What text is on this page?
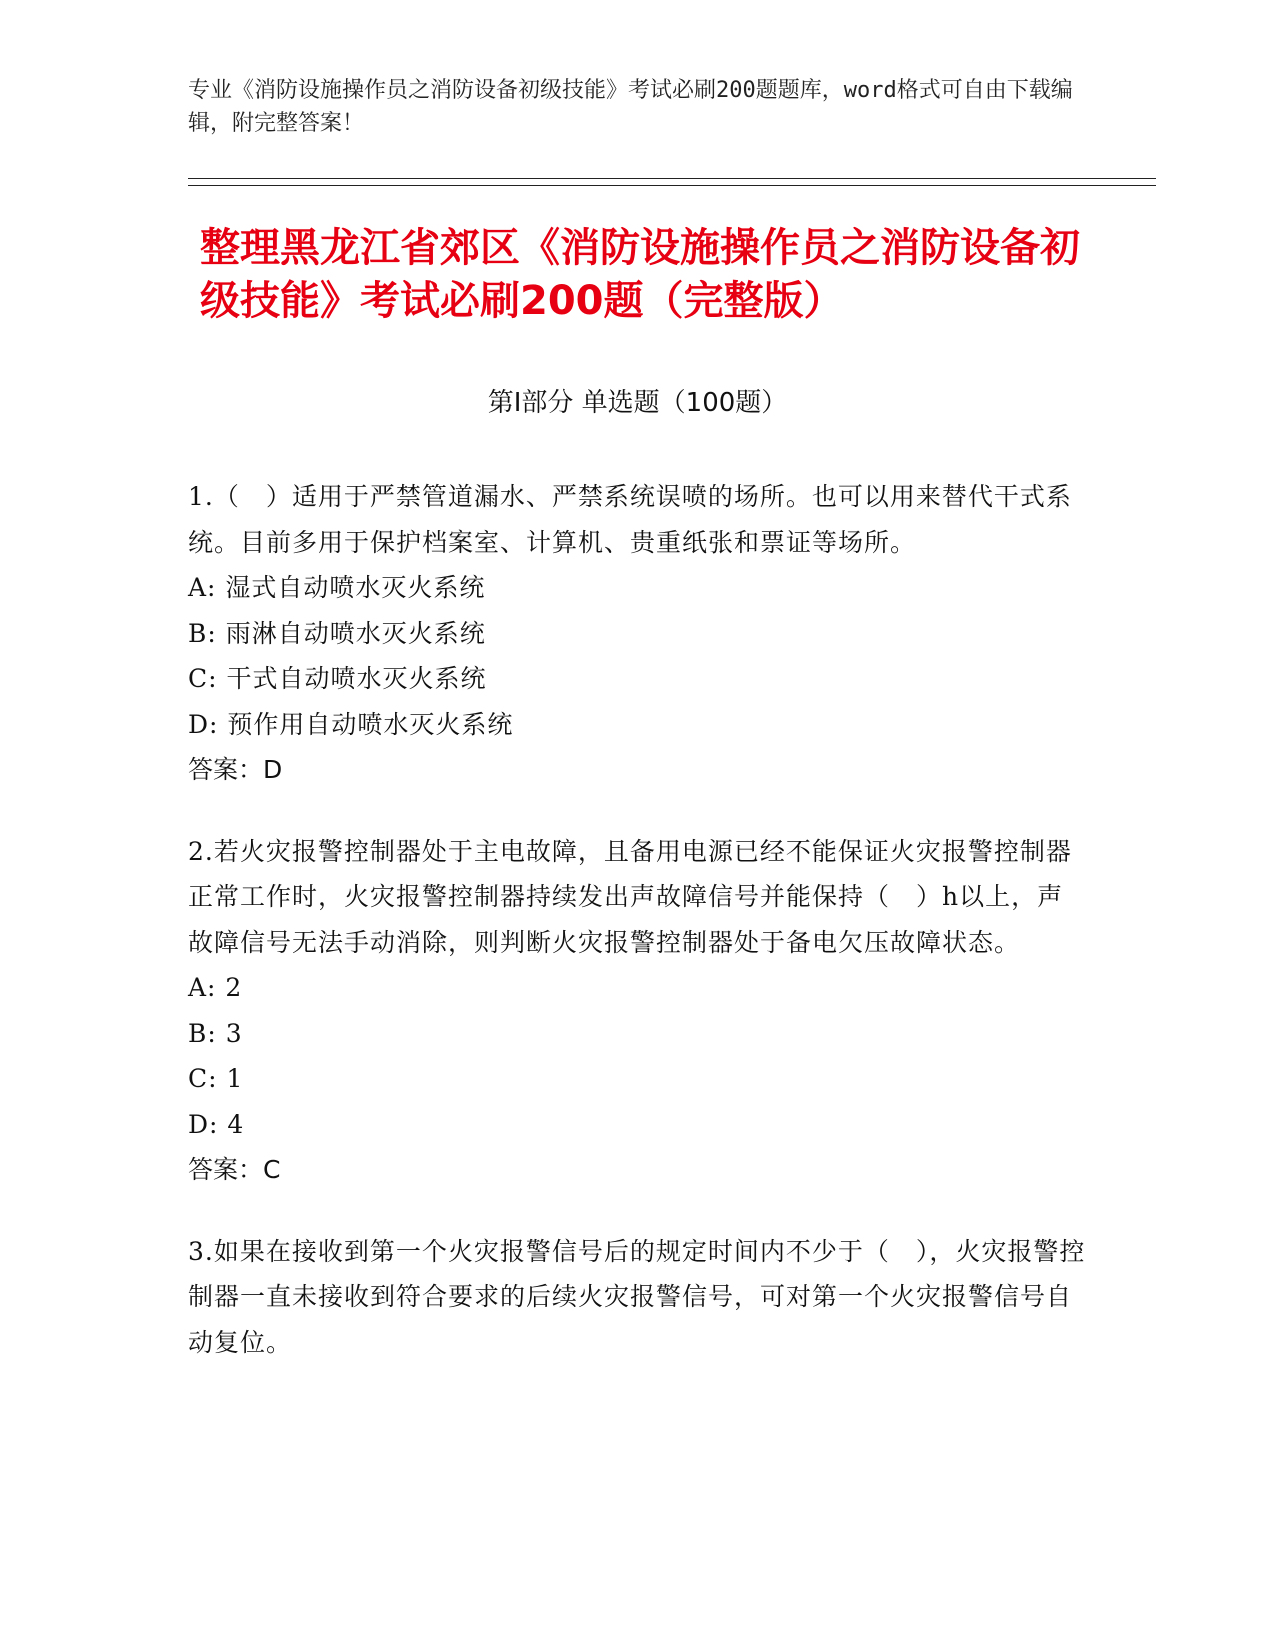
专业《消防设施操作员之消防设备初级技能》考试必刷200题题库，word格式可自由下载编辑，附完整答案！
整理黑龙江省郊区《消防设施操作员之消防设备初级技能》考试必刷200题（完整版）
第Ⅰ部分 单选题（100题）
1.（　）适用于严禁管道漏水、严禁系统误喷的场所。也可以用来替代干式系统。目前多用于保护档案室、计算机、贵重纸张和票证等场所。
A: 湿式自动喷水灭火系统
B: 雨淋自动喷水灭火系统
C: 干式自动喷水灭火系统
D: 预作用自动喷水灭火系统
答案：D
2.若火灾报警控制器处于主电故障，且备用电源已经不能保证火灾报警控制器正常工作时，火灾报警控制器持续发出声故障信号并能保持（　）h以上，声故障信号无法手动消除，则判断火灾报警控制器处于备电欠压故障状态。
A: 2
B: 3
C: 1
D: 4
答案：C
3.如果在接收到第一个火灾报警信号后的规定时间内不少于（　），火灾报警控制器一直未接收到符合要求的后续火灾报警信号，可对第一个火灾报警信号自动复位。
